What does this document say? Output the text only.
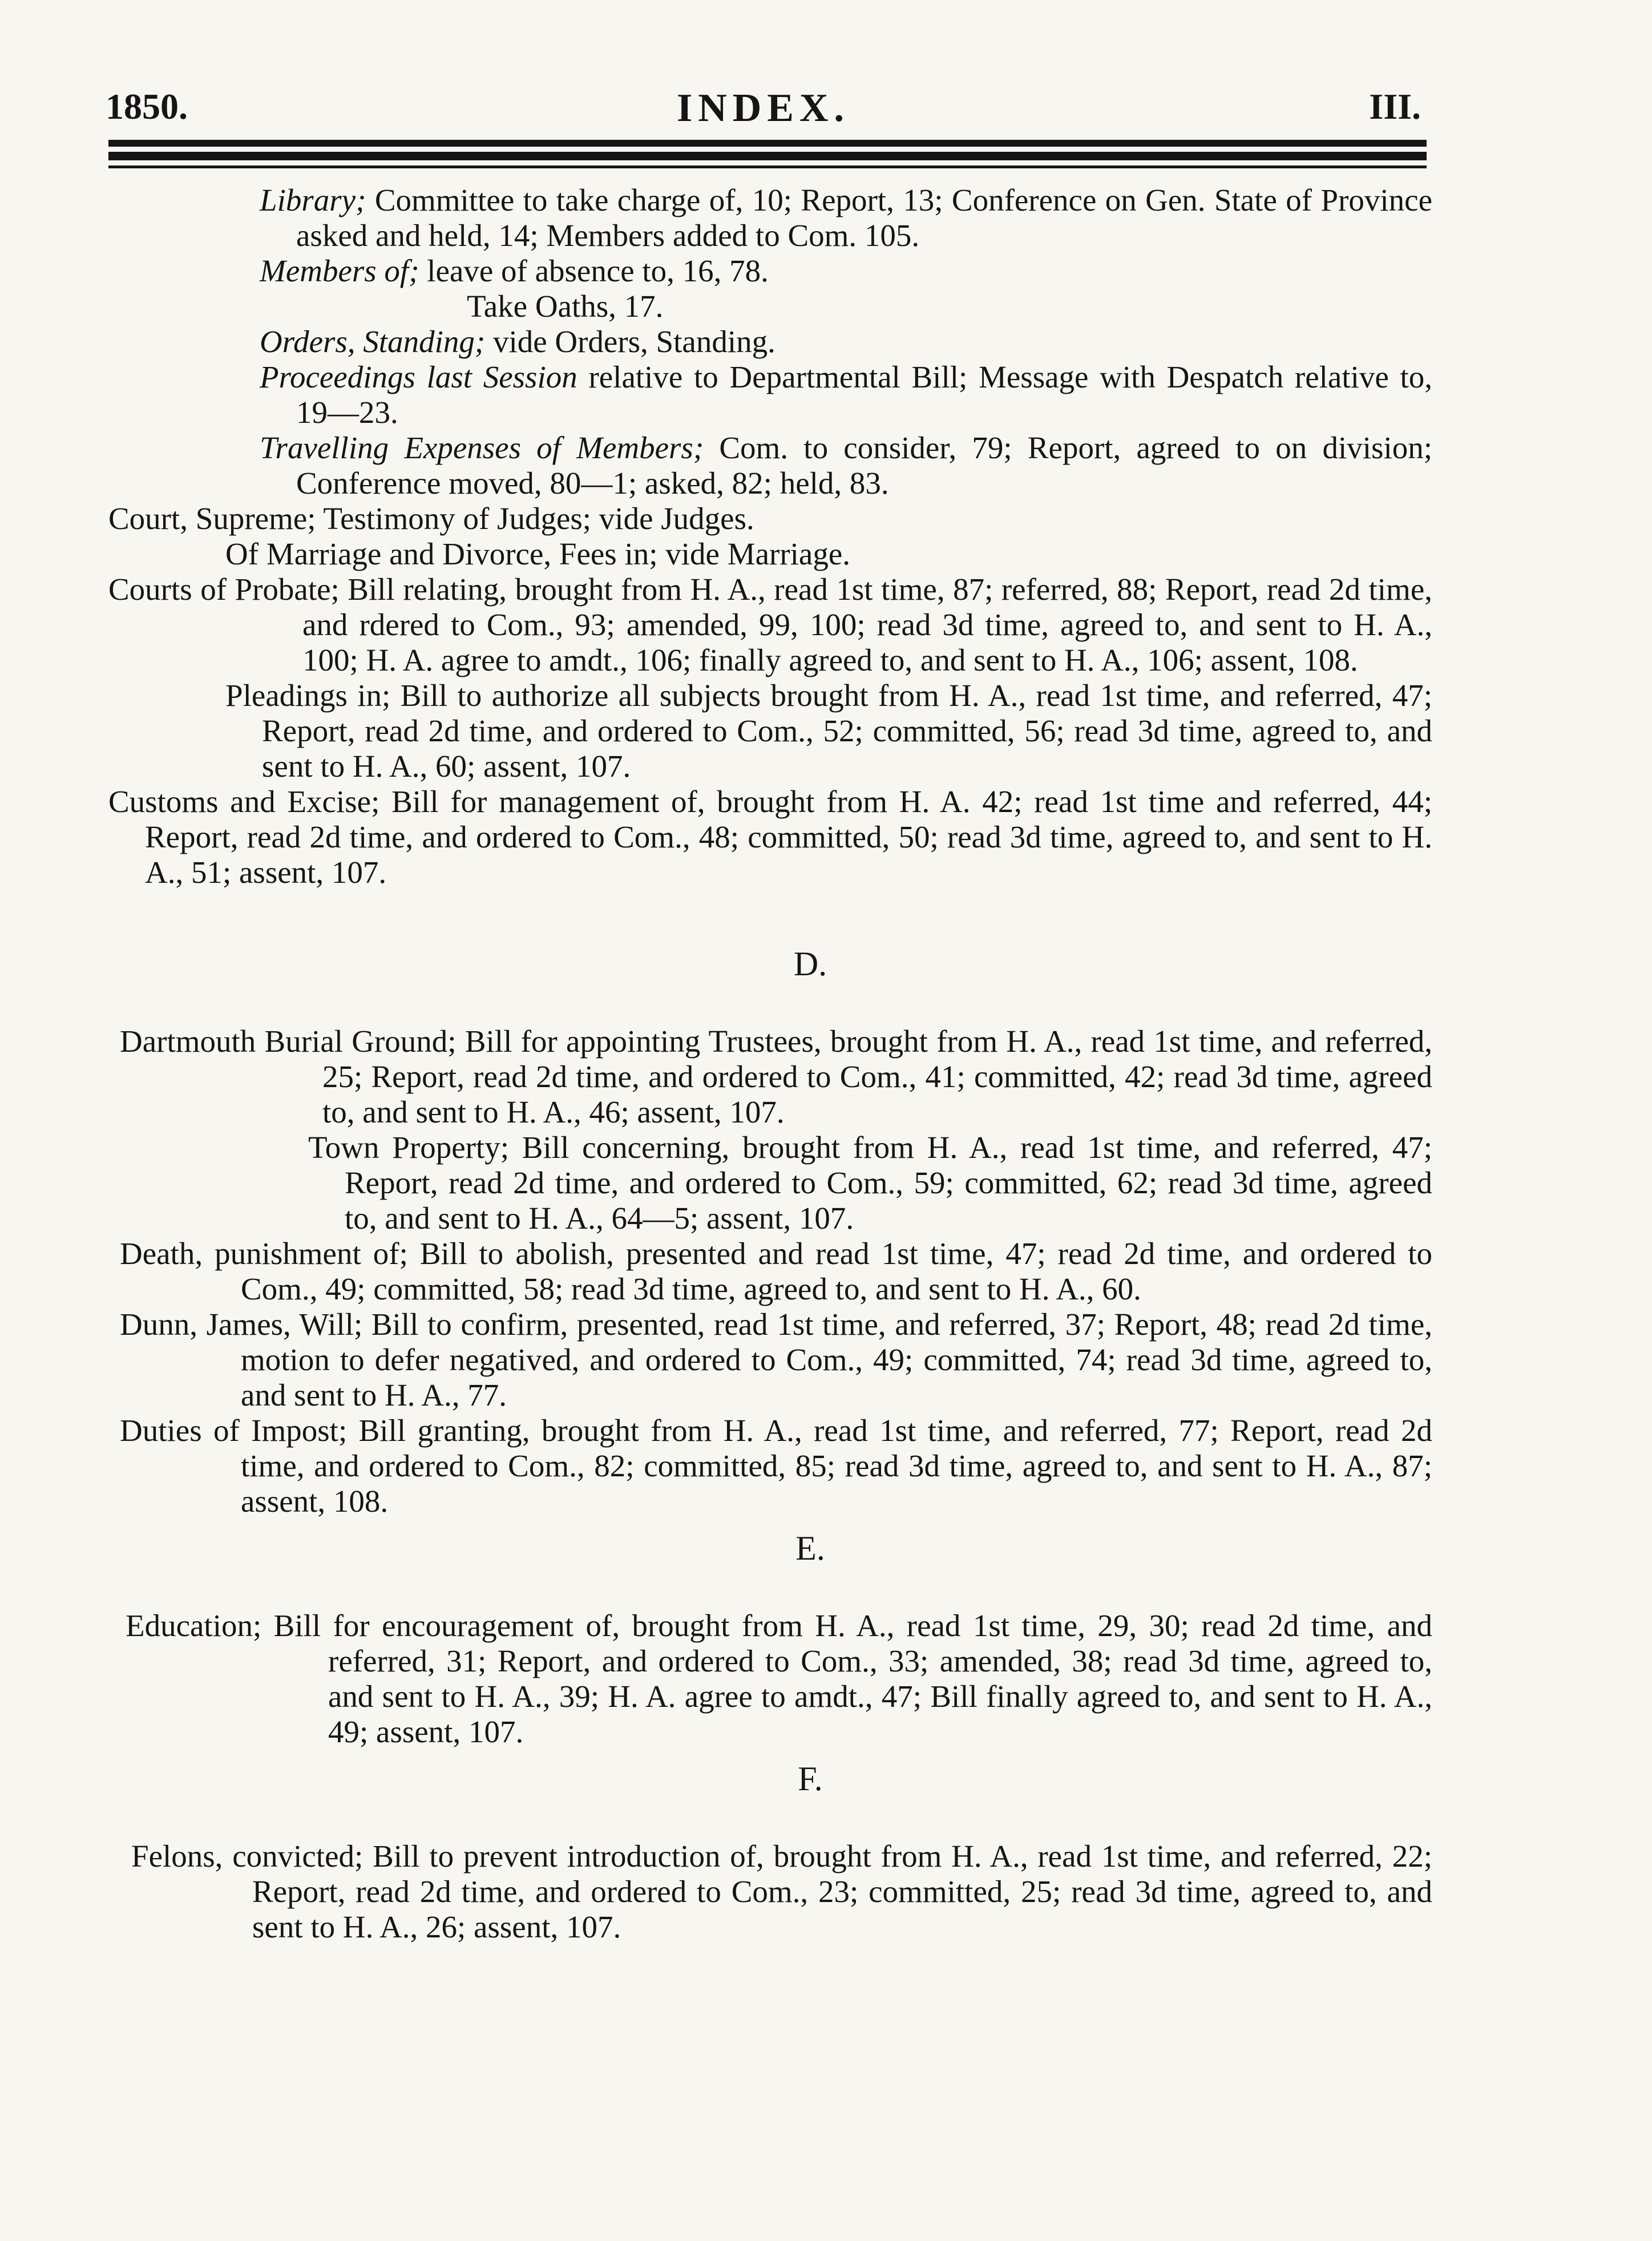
1850.	INDEX.	III.
Library; Committee to take charge of, 10; Report, 13; Conference on Gen. State of Province asked and held, 14; Members added to Com. 105.
Members of; leave of absence to, 16, 78.
Take Oaths, 17.
Orders, Standing; vide Orders, Standing.
Proceedings last Session relative to Departmental Bill; Message with Despatch relative to, 19—23.
Travelling Expenses of Members; Com. to consider, 79; Report, agreed to on division; Conference moved, 80—1; asked, 82; held, 83.
Court, Supreme; Testimony of Judges; vide Judges.
Of Marriage and Divorce, Fees in; vide Marriage.
Courts of Probate; Bill relating, brought from H. A., read 1st time, 87; referred, 88; Report, read 2d time, and rdered to Com., 93; amended, 99, 100; read 3d time, agreed to, and sent to H. A., 100; H. A. agree to amdt., 106; finally agreed to, and sent to H. A., 106; assent, 108.
Pleadings in; Bill to authorize all subjects brought from H. A., read 1st time, and referred, 47; Report, read 2d time, and ordered to Com., 52; committed, 56; read 3d time, agreed to, and sent to H. A., 60; assent, 107.
Customs and Excise; Bill for management of, brought from H. A. 42; read 1st time and referred, 44; Report, read 2d time, and ordered to Com., 48; committed, 50; read 3d time, agreed to, and sent to H. A., 51; assent, 107.
D.
Dartmouth Burial Ground; Bill for appointing Trustees, brought from H. A., read 1st time, and referred, 25; Report, read 2d time, and ordered to Com., 41; committed, 42; read 3d time, agreed to, and sent to H. A., 46; assent, 107.
Town Property; Bill concerning, brought from H. A., read 1st time, and referred, 47; Report, read 2d time, and ordered to Com., 59; committed, 62; read 3d time, agreed to, and sent to H. A., 64—5; assent, 107.
Death, punishment of; Bill to abolish, presented and read 1st time, 47; read 2d time, and ordered to Com., 49; committed, 58; read 3d time, agreed to, and sent to H. A., 60.
Dunn, James, Will; Bill to confirm, presented, read 1st time, and referred, 37; Report, 48; read 2d time, motion to defer negatived, and ordered to Com., 49; committed, 74; read 3d time, agreed to, and sent to H. A., 77.
Duties of Impost; Bill granting, brought from H. A., read 1st time, and referred, 77; Report, read 2d time, and ordered to Com., 82; committed, 85; read 3d time, agreed to, and sent to H. A., 87; assent, 108.
E.
Education; Bill for encouragement of, brought from H. A., read 1st time, 29, 30; read 2d time, and referred, 31; Report, and ordered to Com., 33; amended, 38; read 3d time, agreed to, and sent to H. A., 39; H. A. agree to amdt., 47; Bill finally agreed to, and sent to H. A., 49; assent, 107.
F.
Felons, convicted; Bill to prevent introduction of, brought from H. A., read 1st time, and referred, 22; Report, read 2d time, and ordered to Com., 23; committed, 25; read 3d time, agreed to, and sent to H. A., 26; assent, 107.
